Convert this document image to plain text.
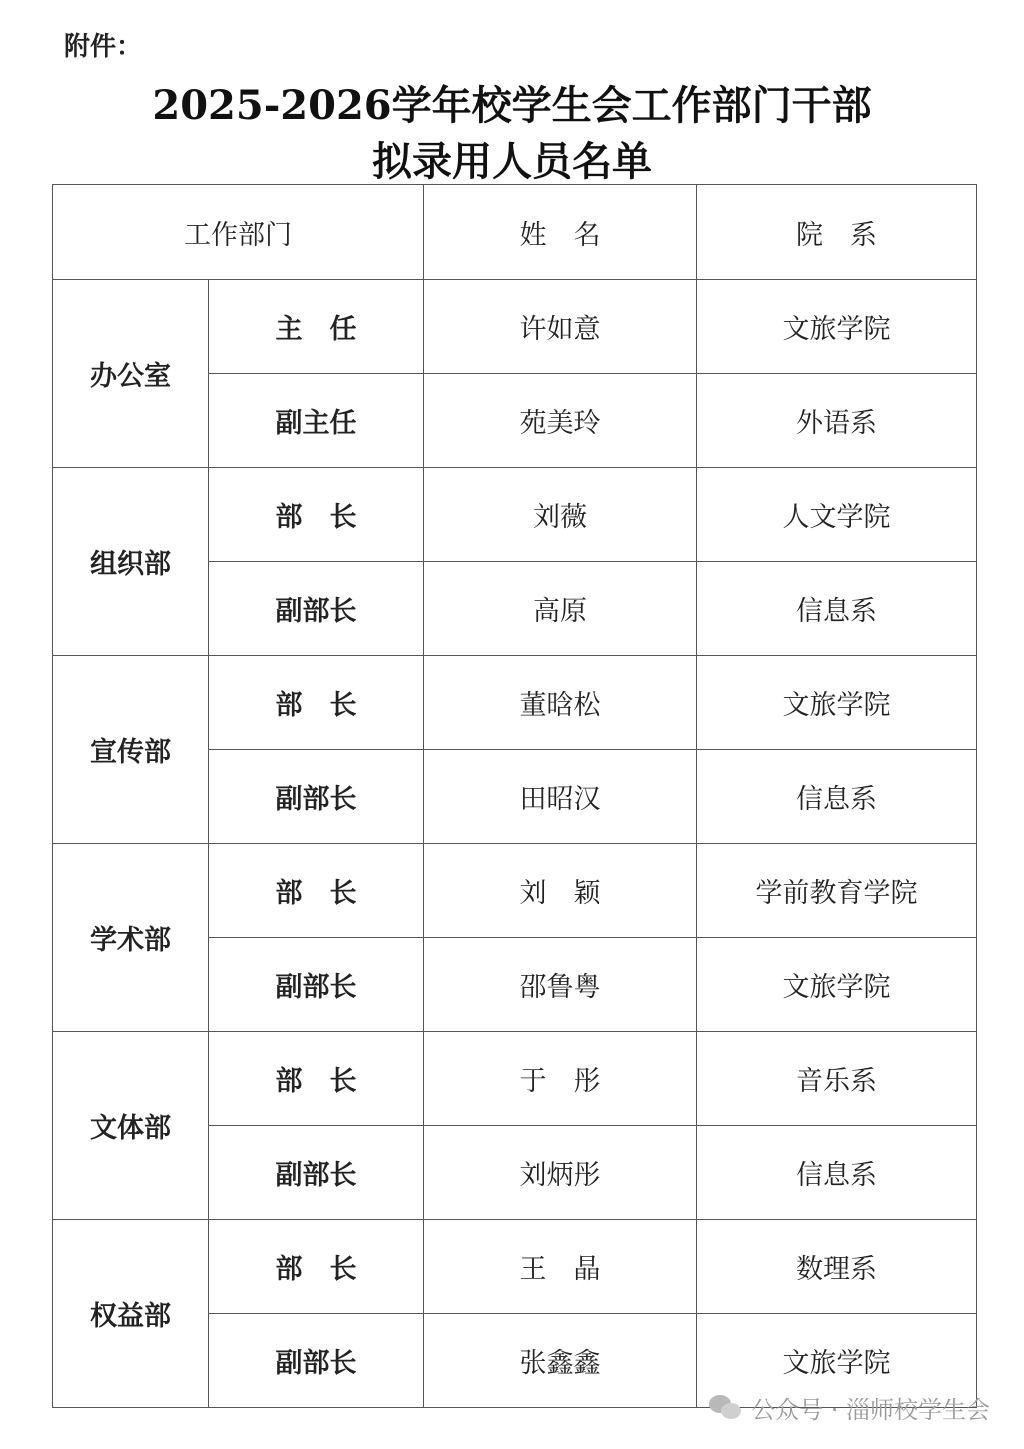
附件：
2025-2026学年校学生会工作部门干部
拟录用人员名单
工作部门		姓　名	院　系
办公室	主　任	许如意	文旅学院
	副主任	苑美玲	外语系
组织部	部　长	刘薇	人文学院
	副部长	高原	信息系
宣传部	部　长	董晗松	文旅学院
	副部长	田昭汉	信息系
学术部	部　长	刘　颖	学前教育学院
	副部长	邵鲁粤	文旅学院
文体部	部　长	于　彤	音乐系
	副部长	刘炳彤	信息系
权益部	部　长	王　晶	数理系
	副部长	张鑫鑫	文旅学院
公众号 · 淄师校学生会
